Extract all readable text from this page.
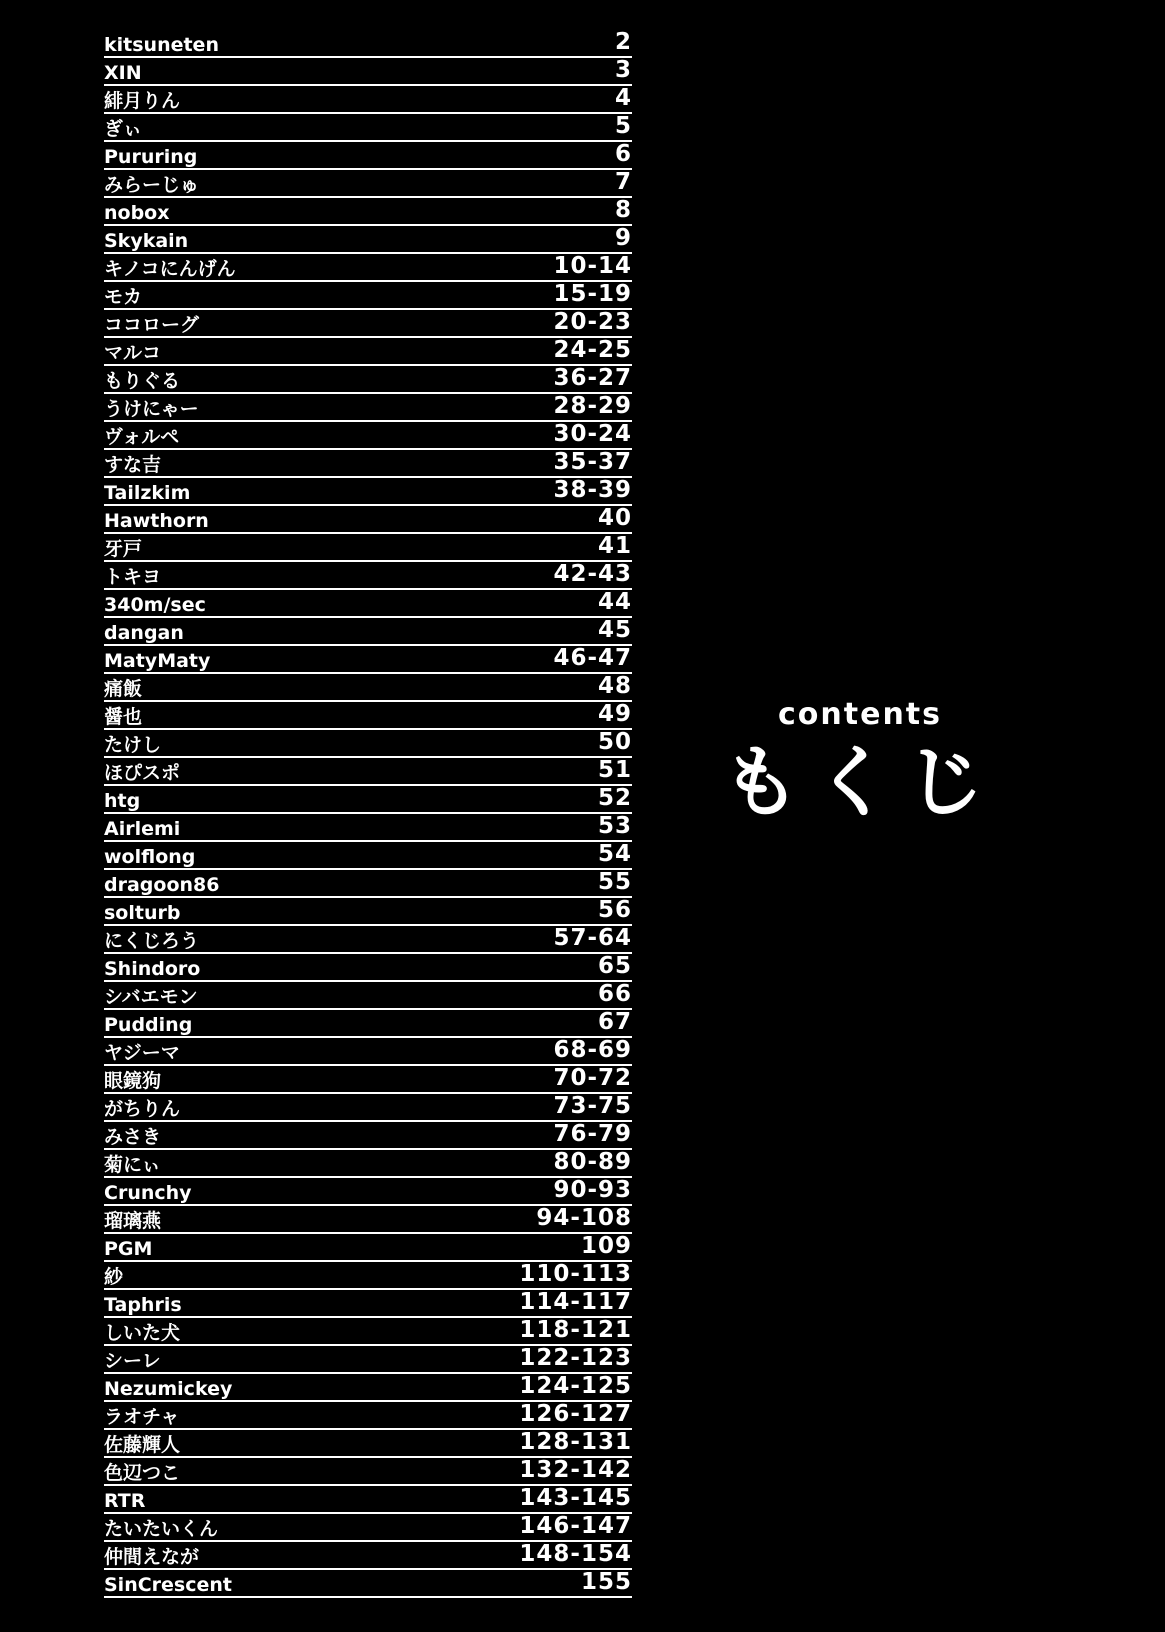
kitsuneten	2
XIN	3
緋月りん	4
ぎぃ	5
Pururing	6
みらーじゅ	7
nobox	8
Skykain	9
キノコにんげん	10-14
モカ	15-19
ココローグ	20-23
マルコ	24-25
もりぐる	36-27
うけにゃー	28-29
ヴォルペ	30-24
すな吉	35-37
Tailzkim	38-39
Hawthorn	40
牙戸	41
トキヨ	42-43
340m/sec	44
dangan	45
MatyMaty	46-47
痛飯	48
醤也	49
たけし	50
ほぴスポ	51
htg	52
Airlemi	53
wolflong	54
dragoon86	55
solturb	56
にくじろう	57-64
Shindoro	65
シバエモン	66
Pudding	67
ヤジーマ	68-69
眼鏡狗	70-72
がちりん	73-75
みさき	76-79
菊にぃ	80-89
Crunchy	90-93
瑠璃燕	94-108
PGM	109
紗	110-113
Taphris	114-117
しいた犬	118-121
シーレ	122-123
Nezumickey	124-125
ラオチャ	126-127
佐藤輝人	128-131
色辺つこ	132-142
RTR	143-145
たいたいくん	146-147
仲間えなが	148-154
SinCrescent	155
contents
もくじ
